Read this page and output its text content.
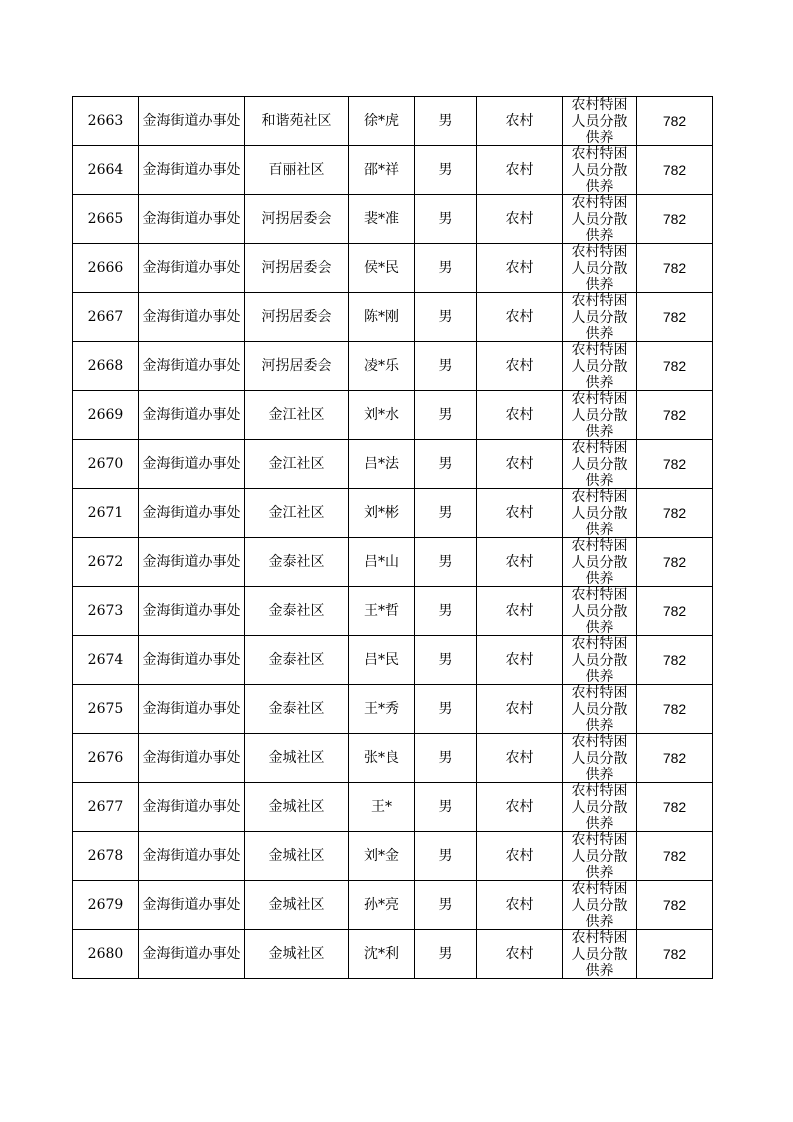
2663	金海街道办事处	和谐苑社区	徐*虎	男	农村	农村特困人员分散供养	782
2664	金海街道办事处	百丽社区	邵*祥	男	农村	农村特困人员分散供养	782
2665	金海街道办事处	河拐居委会	裴*准	男	农村	农村特困人员分散供养	782
2666	金海街道办事处	河拐居委会	侯*民	男	农村	农村特困人员分散供养	782
2667	金海街道办事处	河拐居委会	陈*刚	男	农村	农村特困人员分散供养	782
2668	金海街道办事处	河拐居委会	凌*乐	男	农村	农村特困人员分散供养	782
2669	金海街道办事处	金江社区	刘*水	男	农村	农村特困人员分散供养	782
2670	金海街道办事处	金江社区	吕*法	男	农村	农村特困人员分散供养	782
2671	金海街道办事处	金江社区	刘*彬	男	农村	农村特困人员分散供养	782
2672	金海街道办事处	金泰社区	吕*山	男	农村	农村特困人员分散供养	782
2673	金海街道办事处	金泰社区	王*哲	男	农村	农村特困人员分散供养	782
2674	金海街道办事处	金泰社区	吕*民	男	农村	农村特困人员分散供养	782
2675	金海街道办事处	金泰社区	王*秀	男	农村	农村特困人员分散供养	782
2676	金海街道办事处	金城社区	张*良	男	农村	农村特困人员分散供养	782
2677	金海街道办事处	金城社区	王*	男	农村	农村特困人员分散供养	782
2678	金海街道办事处	金城社区	刘*金	男	农村	农村特困人员分散供养	782
2679	金海街道办事处	金城社区	孙*亮	男	农村	农村特困人员分散供养	782
2680	金海街道办事处	金城社区	沈*利	男	农村	农村特困人员分散供养	782
